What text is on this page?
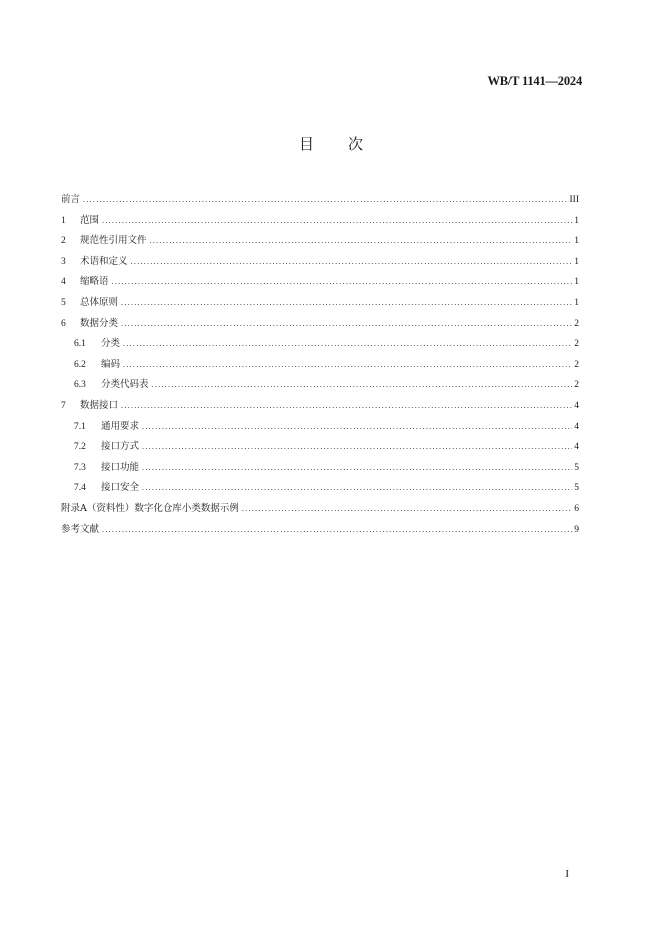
WB/T 1141—2024
目 次
前言 .....	III
1	范围 .....	1
2	规范性引用文件 .....	1
3	术语和定义 .....	1
4	缩略语 .....	1
5	总体原则 .....	1
6	数据分类 .....	2
6.1	分类 .....	2
6.2	编码 .....	2
6.3	分类代码表 .....	2
7	数据接口 .....	4
7.1	通用要求 .....	4
7.2	接口方式 .....	4
7.3	接口功能 .....	5
7.4	接口安全 .....	5
附录A（资料性）数字化仓库小类数据示例 .....	6
参考文献 .....	9
I
